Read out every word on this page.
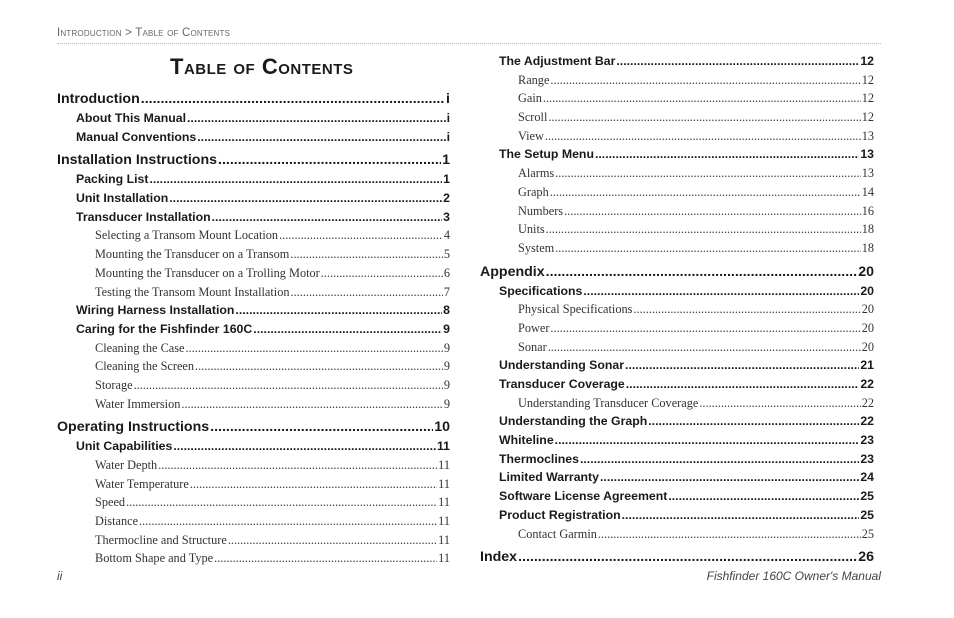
Introduction > Table of Contents
Table of Contents
Introduction .....	i
About This Manual .....	i
Manual Conventions .....	i
Installation Instructions .....	1
Packing List .....	1
Unit Installation .....	2
Transducer Installation .....	3
Selecting a Transom Mount Location .....	4
Mounting the Transducer on a Transom .....	5
Mounting the Transducer on a Trolling Motor .....	6
Testing the Transom Mount Installation .....	7
Wiring Harness Installation .....	8
Caring for the Fishfinder 160C .....	9
Cleaning the Case .....	9
Cleaning the Screen .....	9
Storage .....	9
Water Immersion .....	9
Operating Instructions .....	10
Unit Capabilities .....	11
Water Depth .....	11
Water Temperature .....	11
Speed .....	11
Distance .....	11
Thermocline and Structure .....	11
Bottom Shape and Type .....	11
The Adjustment Bar .....	12
Range .....	12
Gain .....	12
Scroll .....	12
View .....	13
The Setup Menu .....	13
Alarms .....	13
Graph .....	14
Numbers .....	16
Units .....	18
System .....	18
Appendix .....	20
Specifications .....	20
Physical Specifications .....	20
Power .....	20
Sonar .....	20
Understanding Sonar .....	21
Transducer Coverage .....	22
Understanding Transducer Coverage .....	22
Understanding the Graph .....	22
Whiteline .....	23
Thermoclines .....	23
Limited Warranty .....	24
Software License Agreement .....	25
Product Registration .....	25
Contact Garmin .....	25
Index .....	26
ii	Fishfinder 160C Owner's Manual
